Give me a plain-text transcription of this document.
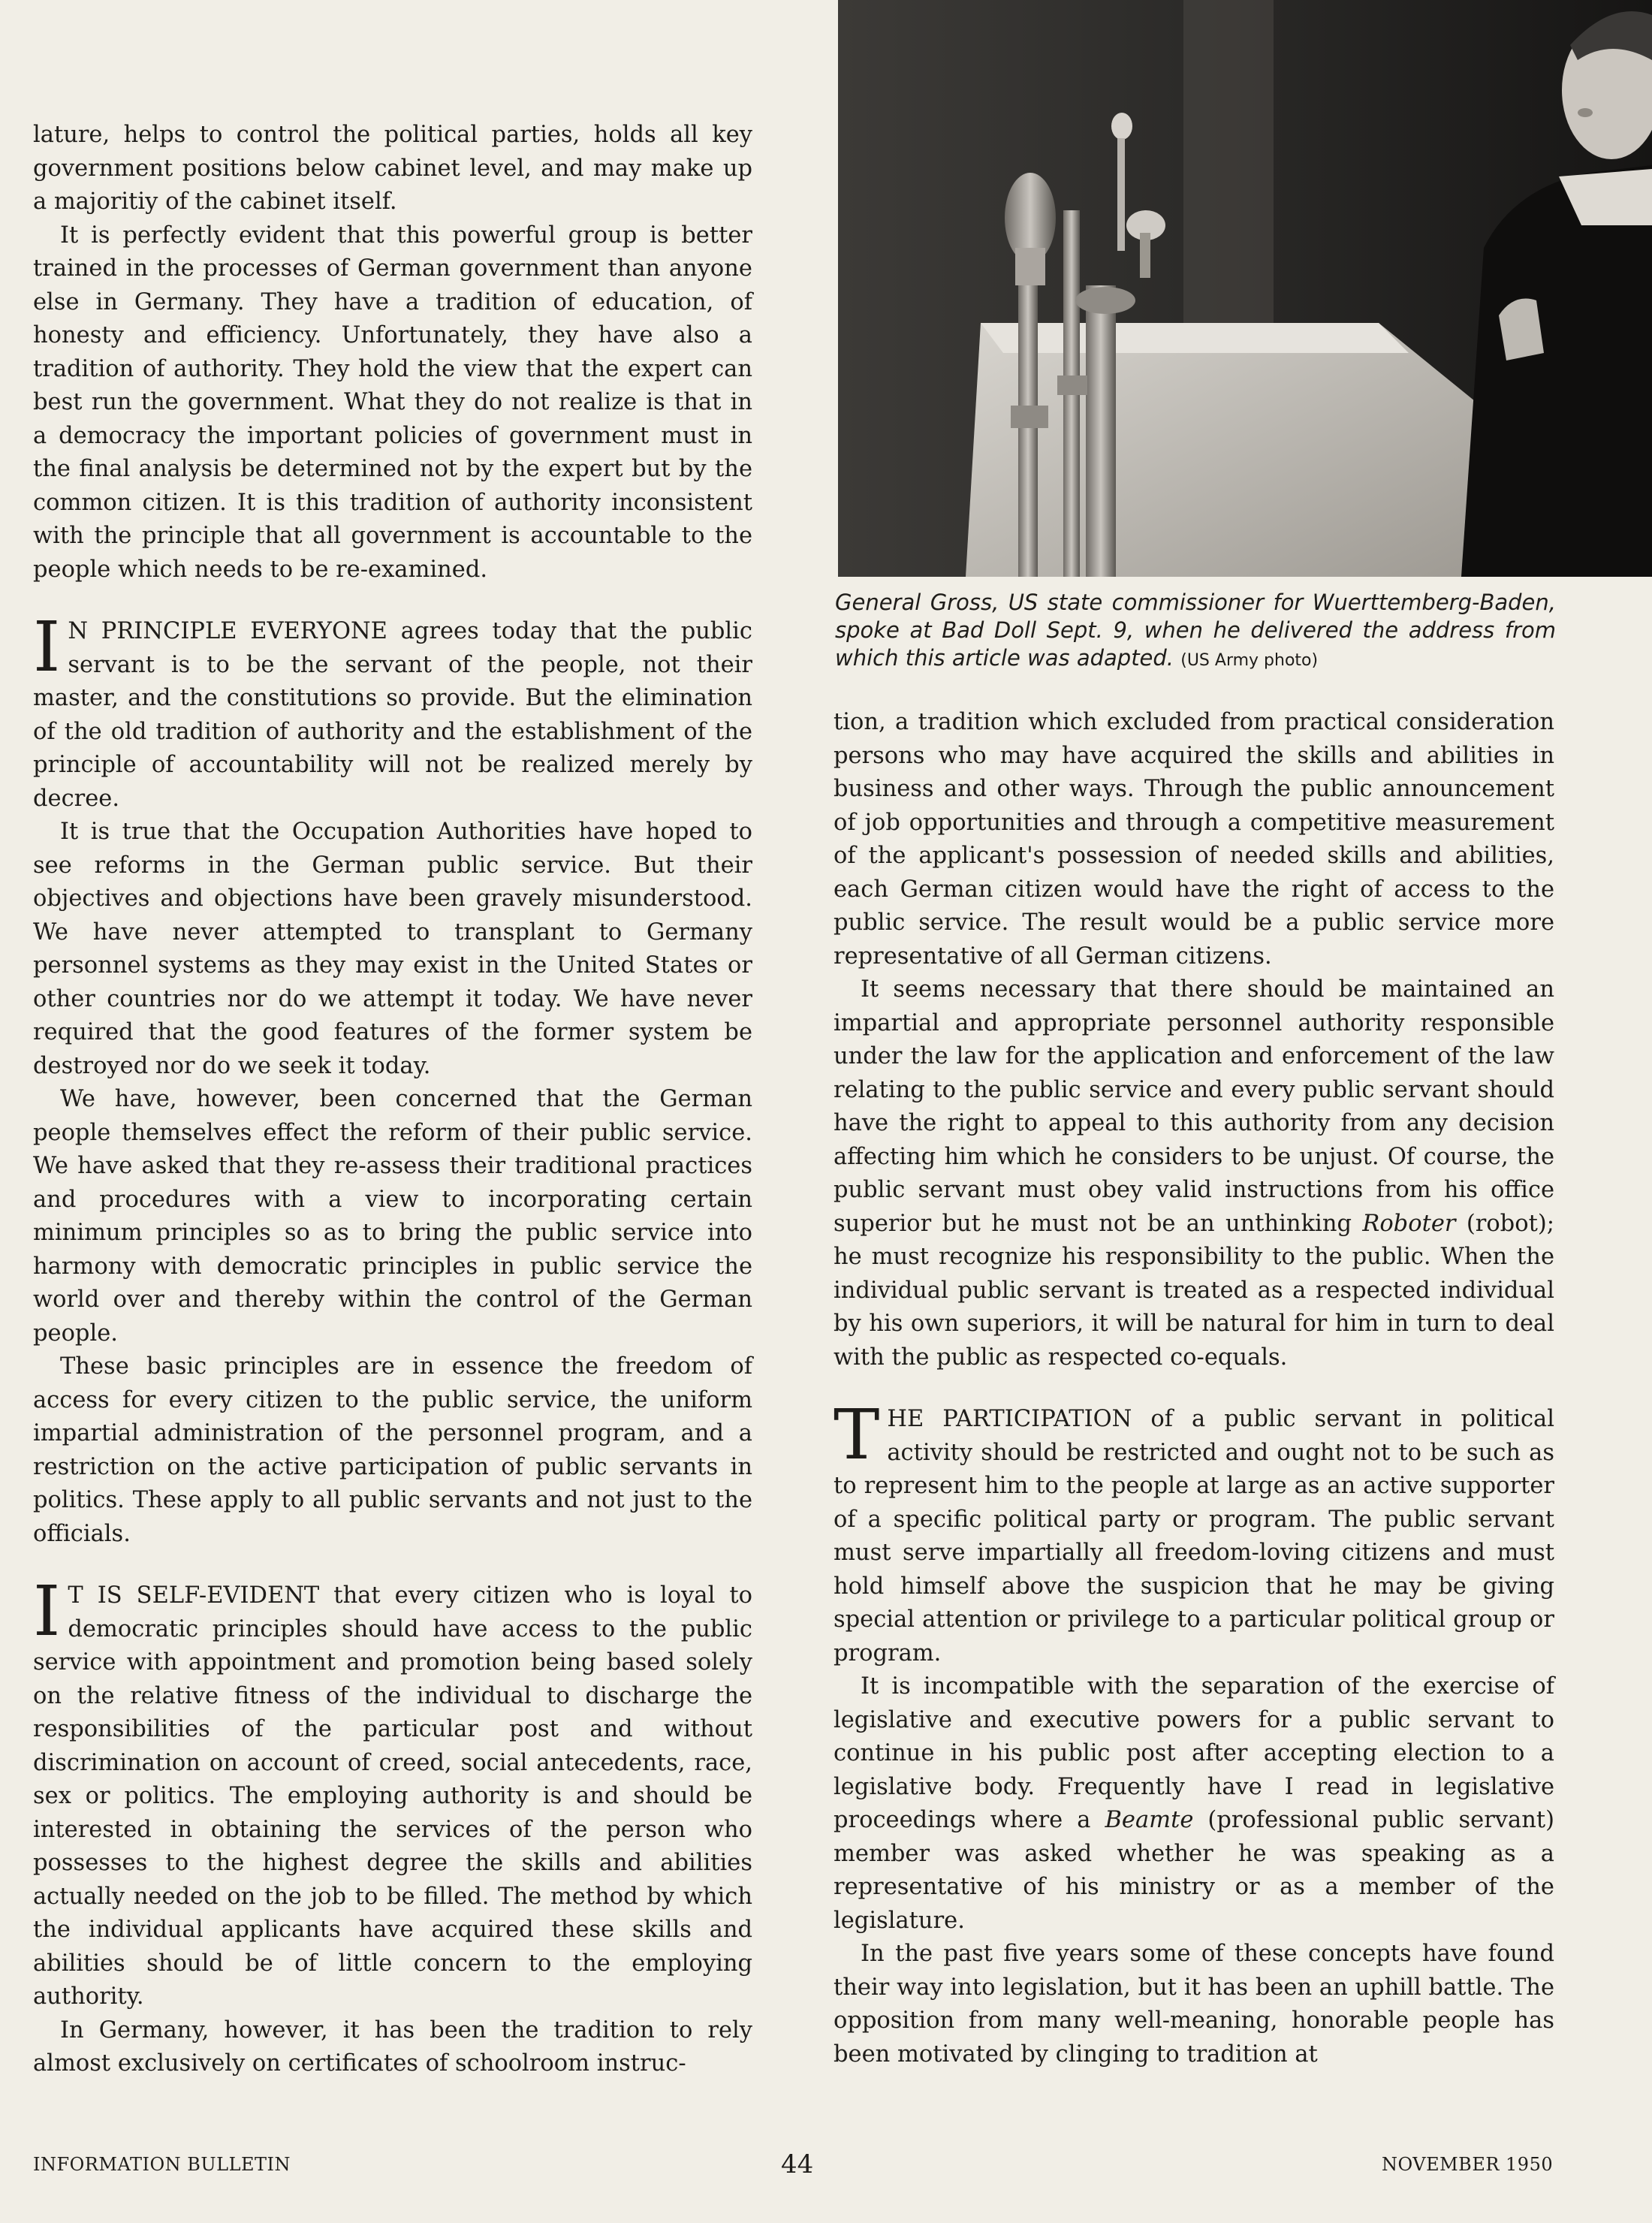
General Gross, US state commissioner for Wuerttemberg-Baden, spoke at Bad Doll Sept. 9, when he delivered the address from which this article was adapted. (US Army photo)

lature, helps to control the political parties, holds all key government positions below cabinet level, and may make up a majoritiy of the cabinet itself.

It is perfectly evident that this powerful group is better trained in the processes of German government than anyone else in Germany. They have a tradition of education, of honesty and efficiency. Unfortunately, they have also a tradition of authority. They hold the view that the expert can best run the government. What they do not realize is that in a democracy the important policies of government must in the final analysis be determined not by the expert but by the common citizen. It is this tradition of authority inconsistent with the principle that all government is accountable to the people which needs to be re-examined.

I N PRINCIPLE EVERYONE agrees today that the public servant is to be the servant of the people, not their master, and the constitutions so provide. But the elimination of the old tradition of authority and the establishment of the principle of accountability will not be realized merely by decree.

It is true that the Occupation Authorities have hoped to see reforms in the German public service. But their objectives and objections have been gravely misunderstood. We have never attempted to transplant to Germany personnel systems as they may exist in the United States or other countries nor do we attempt it today. We have never required that the good features of the former system be destroyed nor do we seek it today.

We have, however, been concerned that the German people themselves effect the reform of their public service. We have asked that they re-assess their traditional practices and procedures with a view to incorporating certain minimum principles so as to bring the public service into harmony with democratic principles in public service the world over and thereby within the control of the German people.

These basic principles are in essence the freedom of access for every citizen to the public service, the uniform impartial administration of the personnel program, and a restriction on the active participation of public servants in politics. These apply to all public servants and not just to the officials.

I T IS SELF-EVIDENT that every citizen who is loyal to democratic principles should have access to the public service with appointment and promotion being based solely on the relative fitness of the individual to discharge the responsibilities of the particular post and without discrimination on account of creed, social antecedents, race, sex or politics. The employing authority is and should be interested in obtaining the services of the person who possesses to the highest degree the skills and abilities actually needed on the job to be filled. The method by which the individual applicants have acquired these skills and abilities should be of little concern to the employing authority.

In Germany, however, it has been the tradition to rely almost exclusively on certificates of schoolroom instruc-

tion, a tradition which excluded from practical consideration persons who may have acquired the skills and abilities in business and other ways. Through the public announcement of job opportunities and through a competitive measurement of the applicant's possession of needed skills and abilities, each German citizen would have the right of access to the public service. The result would be a public service more representative of all German citizens.

It seems necessary that there should be maintained an impartial and appropriate personnel authority responsible under the law for the application and enforcement of the law relating to the public service and every public servant should have the right to appeal to this authority from any decision affecting him which he considers to be unjust. Of course, the public servant must obey valid instructions from his office superior but he must not be an unthinking Roboter (robot); he must recognize his responsibility to the public. When the individual public servant is treated as a respected individual by his own superiors, it will be natural for him in turn to deal with the public as respected co-equals.

THE PARTICIPATION of a public servant in political activity should be restricted and ought not to be such as to represent him to the people at large as an active supporter of a specific political party or program. The public servant must serve impartially all freedom-loving citizens and must hold himself above the suspicion that he may be giving special attention or privilege to a particular political group or program.

It is incompatible with the separation of the exercise of legislative and executive powers for a public servant to continue in his public post after accepting election to a legislative body. Frequently have I read in legislative proceedings where a Beamte (professional public servant) member was asked whether he was speaking as a representative of his ministry or as a member of the legislature.

In the past five years some of these concepts have found their way into legislation, but it has been an uphill battle. The opposition from many well-meaning, honorable people has been motivated by clinging to tradition at

INFORMATION BULLETIN	44	NOVEMBER 1950
